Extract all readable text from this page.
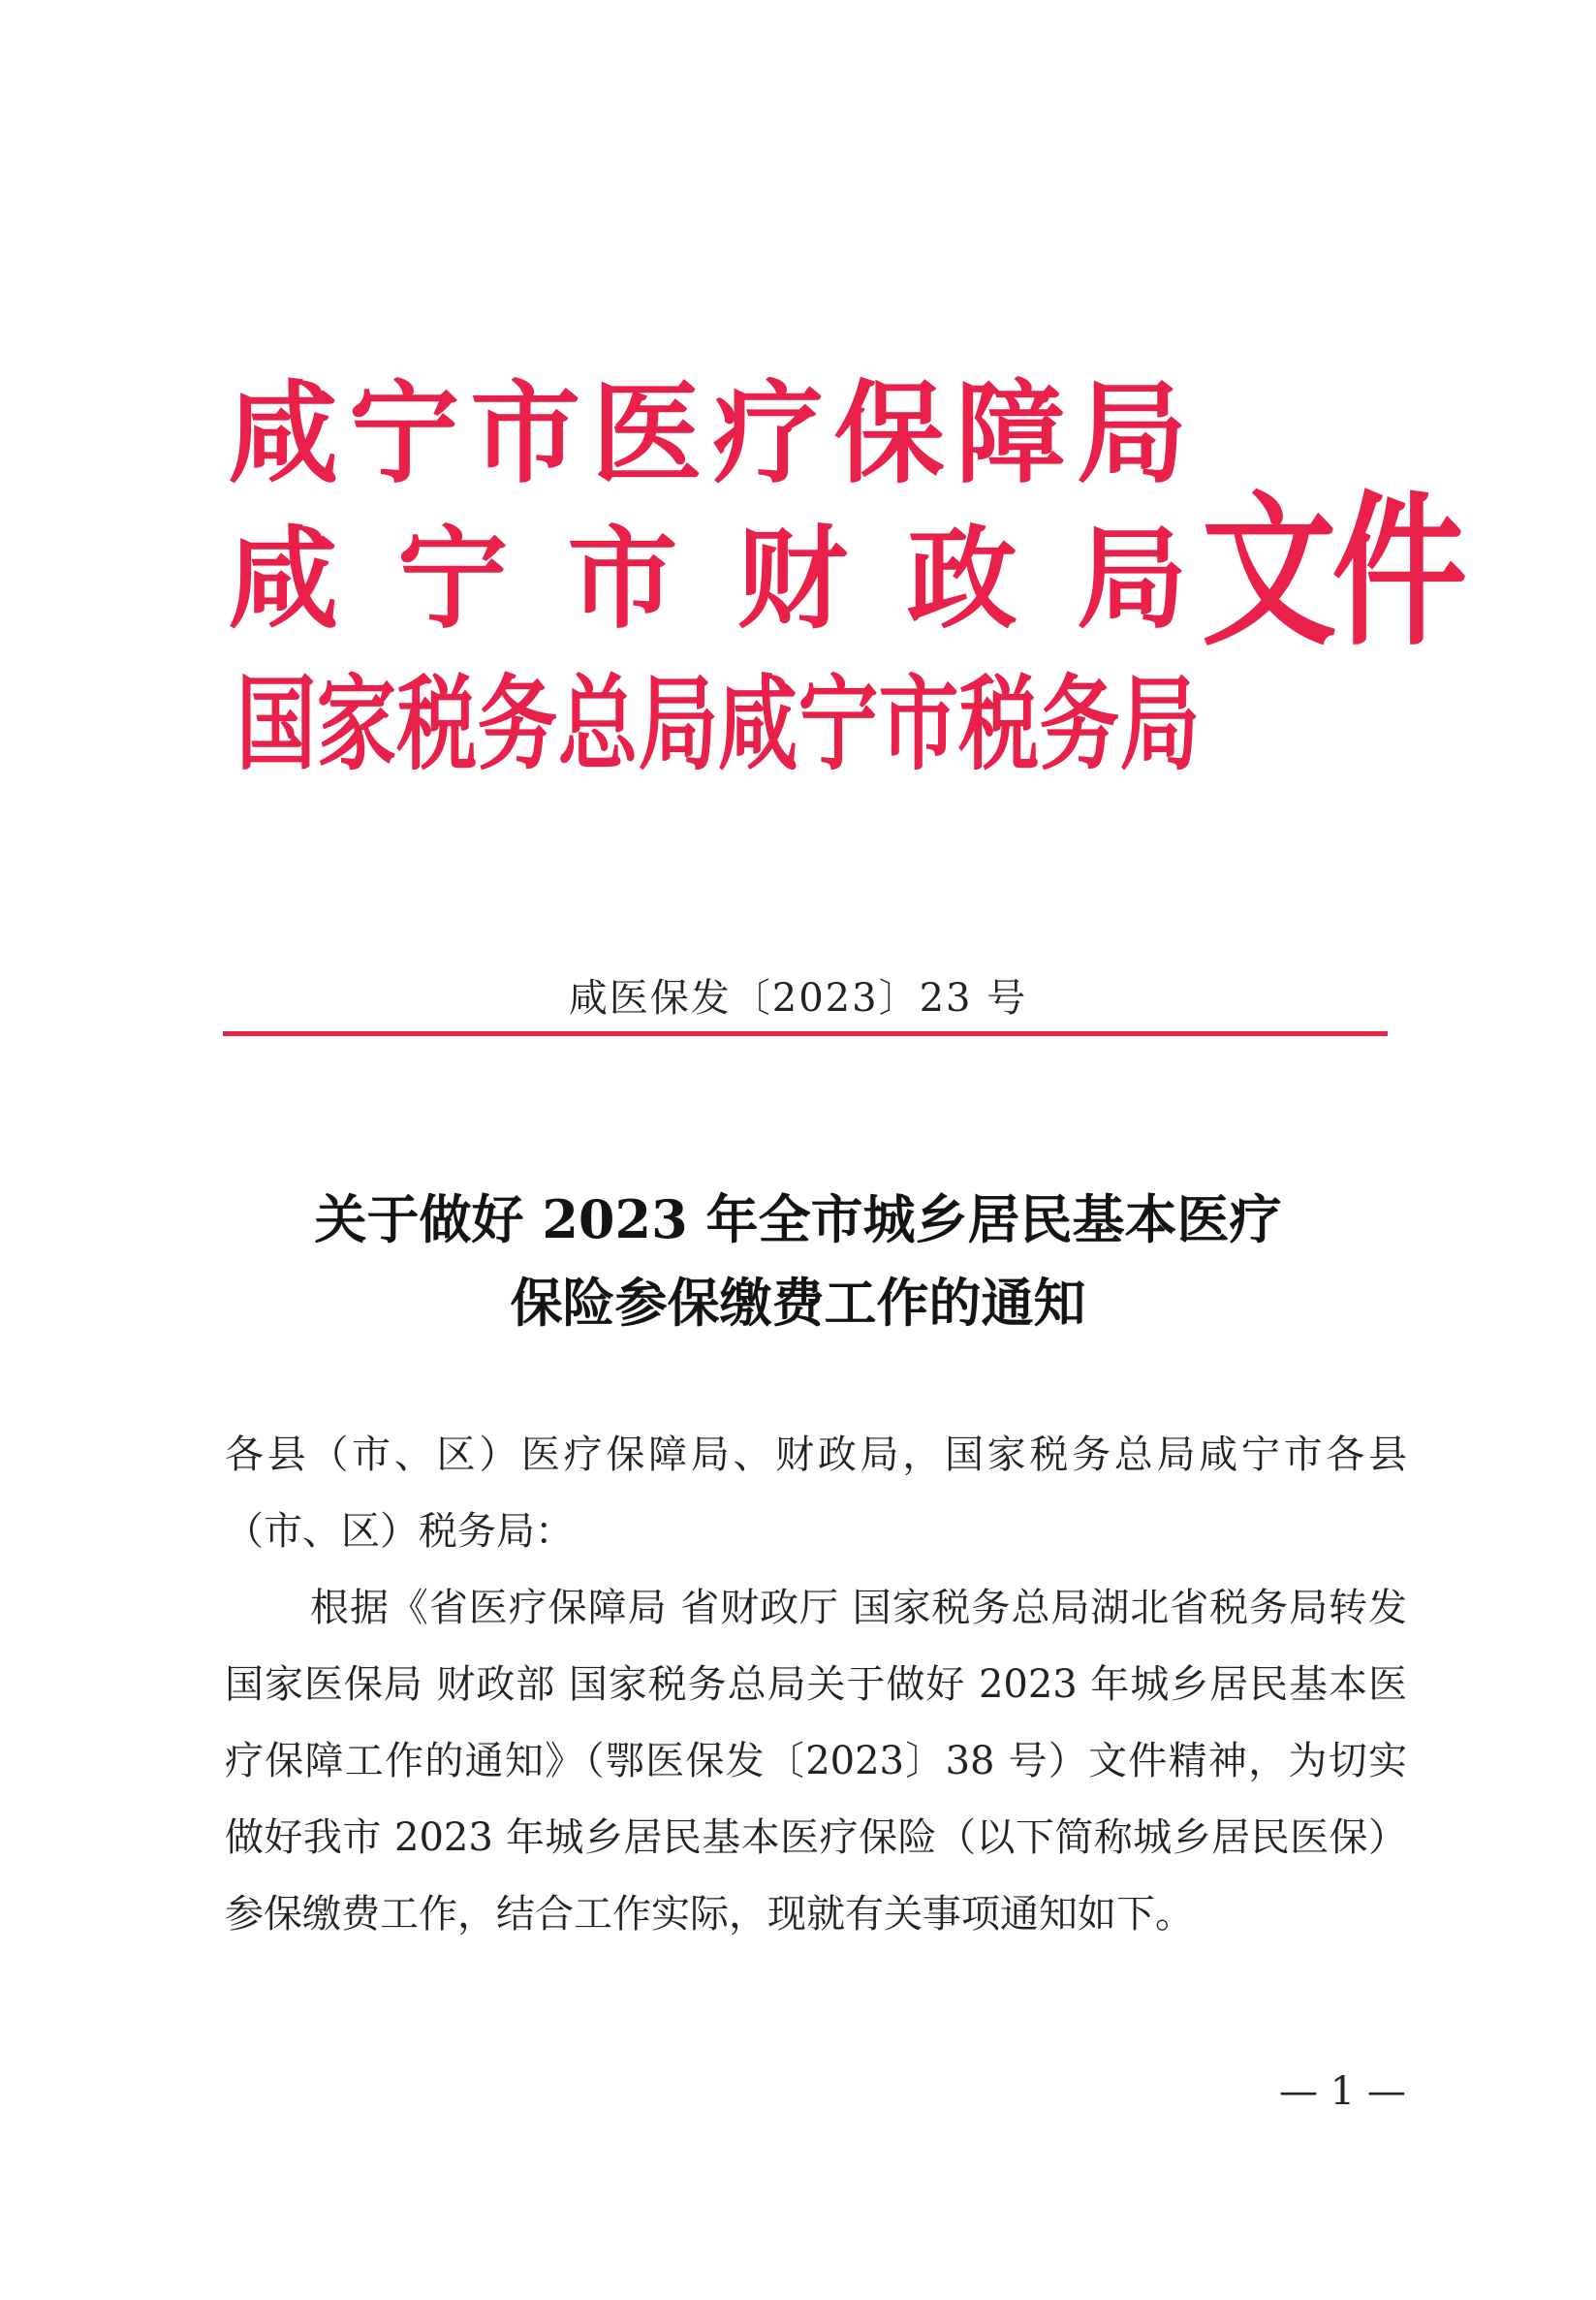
咸 宁 市 医 疗 保 障 局
咸 宁 市 财 政 局
国 家 税 务 总 局 咸 宁 市 税 务 局
文件
咸医保发〔2023〕23 号
关于做好 2023 年全市城乡居民基本医疗
保险参保缴费工作的通知

各县（市、区）医疗保障局、财政局，国家税务总局咸宁市各县（市、区）税务局：

根据《省医疗保障局 省财政厅 国家税务总局湖北省税务局转发国家医保局 财政部 国家税务总局关于做好 2023 年城乡居民基本医疗保障工作的通知》（鄂医保发〔2023〕38 号）文件精神，为切实做好我市 2023 年城乡居民基本医疗保险（以下简称城乡居民医保）参保缴费工作，结合工作实际，现就有关事项通知如下。

— 1 —
